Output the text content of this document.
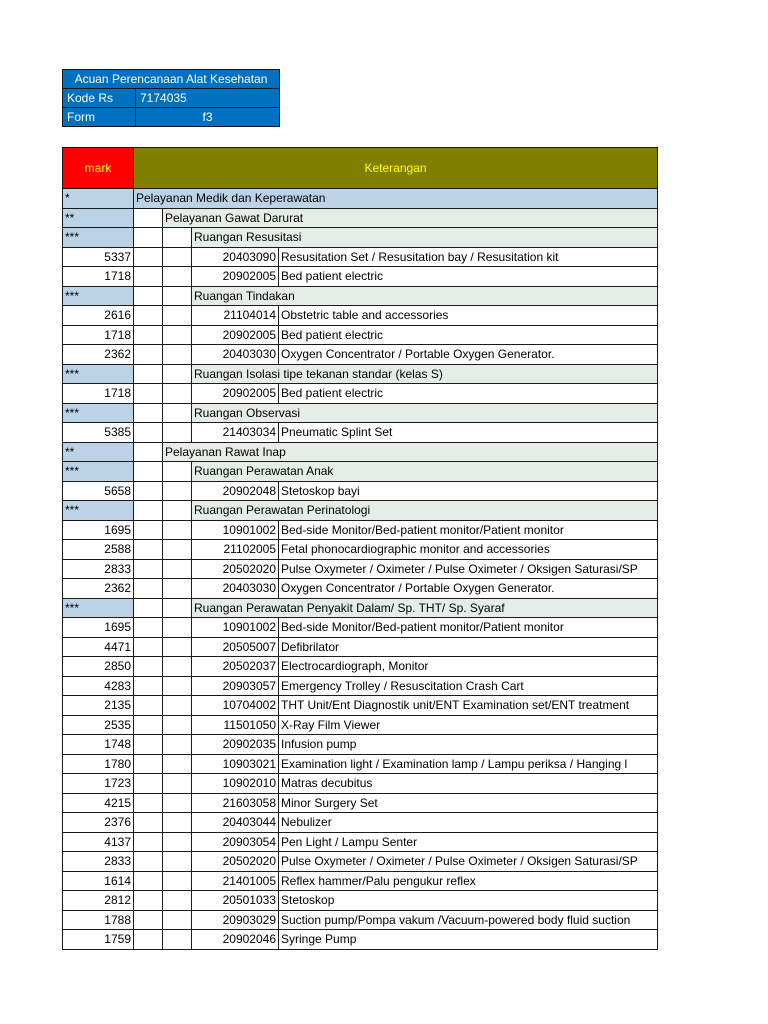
Acuan Perencanaan Alat Kesehatan	
Kode Rs	7174035
Form	f3
mark	Keterangan			
*	Pelayanan Medik dan Keperawatan			
**		Pelayanan Gawat Darurat		
***			Ruangan Resusitasi	
5337			20403090	Resusitation Set / Resusitation bay / Resusitation kit
1718			20902005	Bed patient electric
***			Ruangan Tindakan	
2616			21104014	Obstetric table and accessories
1718			20902005	Bed patient electric
2362			20403030	Oxygen Concentrator / Portable Oxygen Generator.
***			Ruangan Isolasi tipe tekanan standar (kelas S)	
1718			20902005	Bed patient electric
***			Ruangan Observasi	
5385			21403034	Pneumatic Splint Set
**		Pelayanan Rawat Inap		
***			Ruangan Perawatan Anak	
5658			20902048	Stetoskop bayi
***			Ruangan Perawatan Perinatologi	
1695			10901002	Bed-side Monitor/Bed-patient monitor/Patient monitor
2588			21102005	Fetal phonocardiographic monitor and accessories
2833			20502020	Pulse Oxymeter / Oximeter / Pulse Oximeter / Oksigen Saturasi/SP
2362			20403030	Oxygen Concentrator / Portable Oxygen Generator.
***			Ruangan Perawatan Penyakit Dalam/ Sp. THT/ Sp. Syaraf	
1695			10901002	Bed-side Monitor/Bed-patient monitor/Patient monitor
4471			20505007	Defibrilator
2850			20502037	Electrocardiograph, Monitor
4283			20903057	Emergency Trolley / Resuscitation Crash Cart
2135			10704002	THT Unit/Ent Diagnostik unit/ENT Examination set/ENT treatment
2535			11501050	X-Ray Film Viewer
1748			20902035	Infusion pump
1780			10903021	Examination light / Examination lamp / Lampu periksa / Hanging l
1723			10902010	Matras decubitus
4215			21603058	Minor Surgery Set
2376			20403044	Nebulizer
4137			20903054	Pen Light / Lampu Senter
2833			20502020	Pulse Oxymeter / Oximeter / Pulse Oximeter / Oksigen Saturasi/SP
1614			21401005	Reflex hammer/Palu pengukur reflex
2812			20501033	Stetoskop
1788			20903029	Suction pump/Pompa vakum /Vacuum-powered body fluid suction
1759			20902046	Syringe Pump
